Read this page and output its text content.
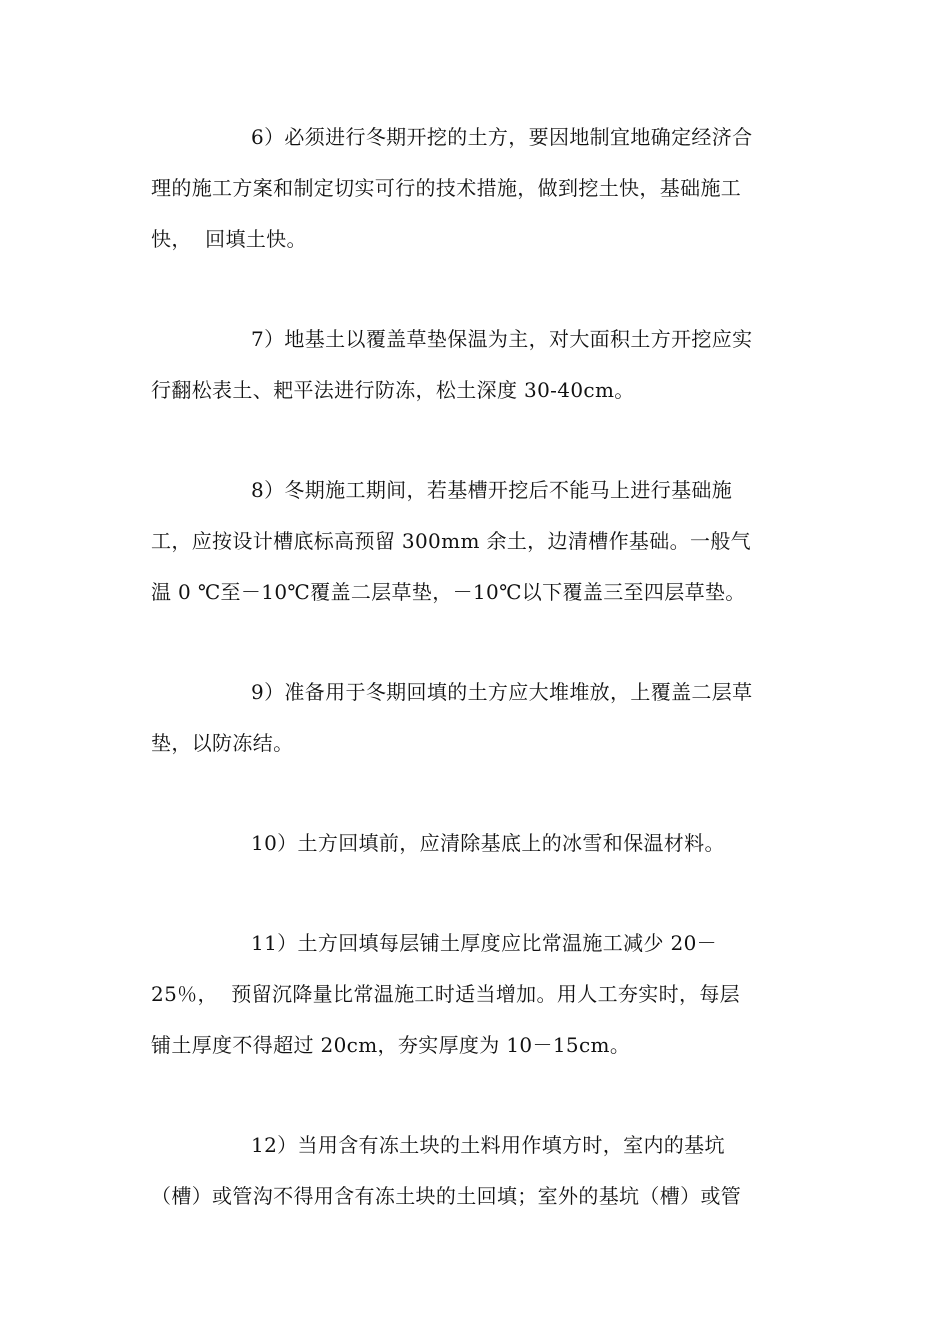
6）必须进行冬期开挖的土方，要因地制宜地确定经济合
理的施工方案和制定切实可行的技术措施，做到挖土快，基础施工
快，  回填土快。
7）地基土以覆盖草垫保温为主，对大面积土方开挖应实
行翻松表土、耙平法进行防冻，松土深度 30-40cm。
8）冬期施工期间，若基槽开挖后不能马上进行基础施
工，应按设计槽底标高预留 300mm 余土，边清槽作基础。一般气
温 0 ℃至－10℃覆盖二层草垫，－10℃以下覆盖三至四层草垫。
9）准备用于冬期回填的土方应大堆堆放，上覆盖二层草
垫，以防冻结。
10）土方回填前，应清除基底上的冰雪和保温材料。
11）土方回填每层铺土厚度应比常温施工减少 20－
25％，  预留沉降量比常温施工时适当增加。用人工夯实时，每层
铺土厚度不得超过 20cm，夯实厚度为 10－15cm。
12）当用含有冻土块的土料用作填方时，室内的基坑
（槽）或管沟不得用含有冻土块的土回填；室外的基坑（槽）或管
